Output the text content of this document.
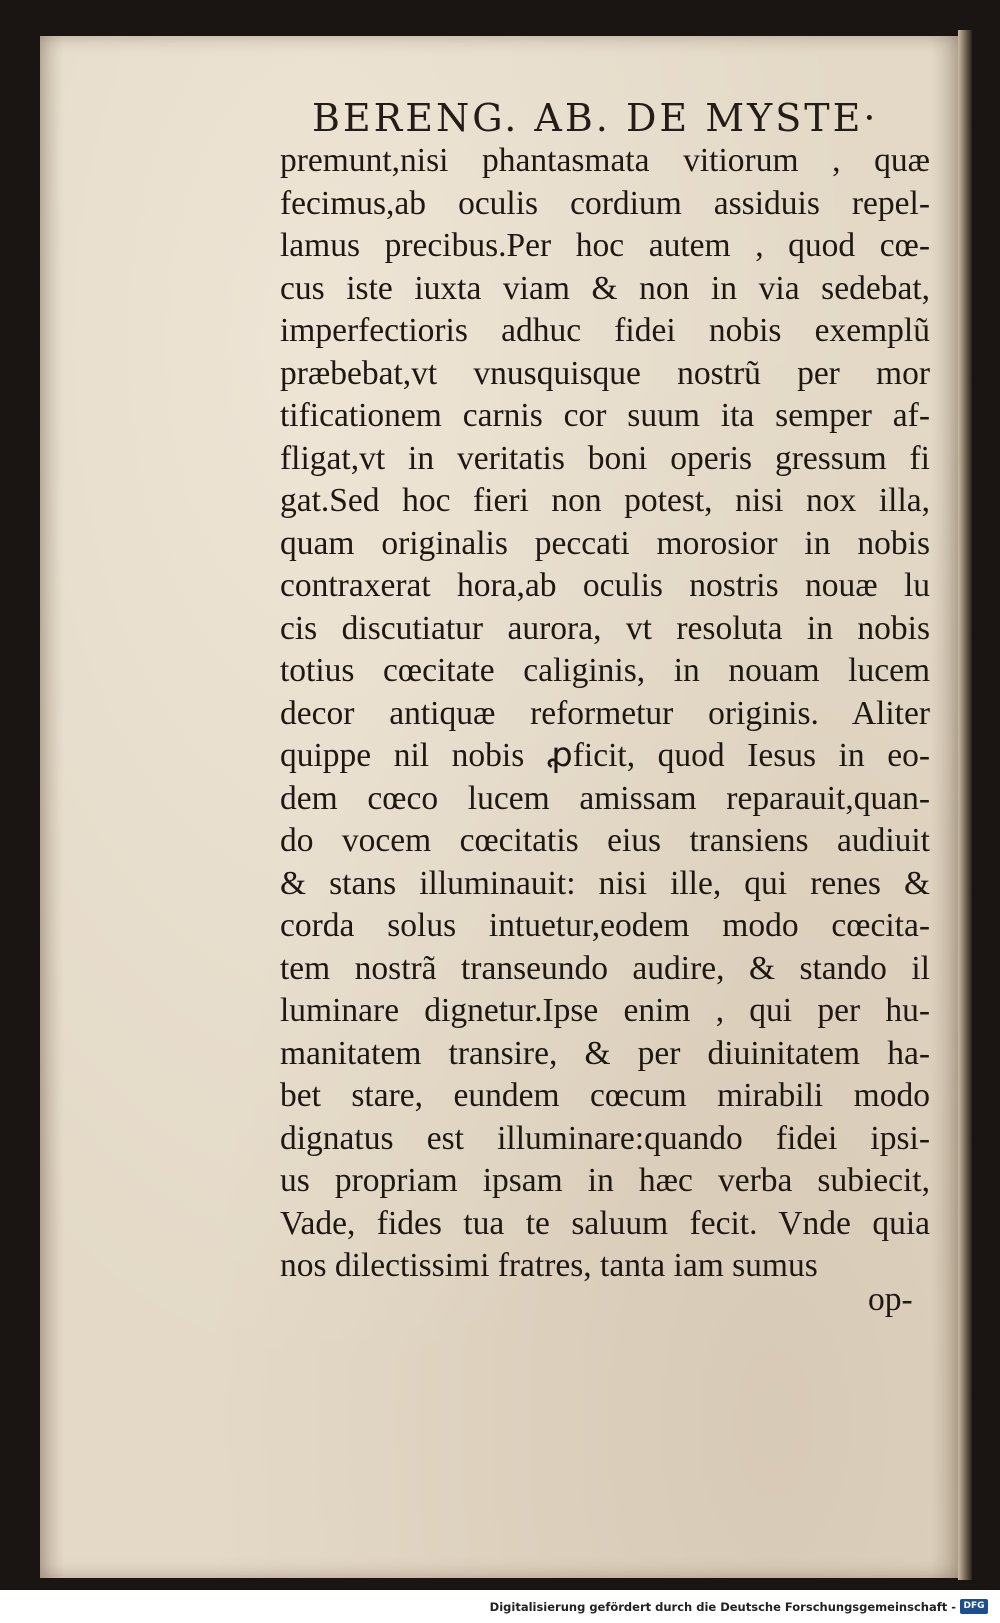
BERENG. AB. DE MYSTE·
premunt,nisi phantasmata vitiorum , quæ
fecimus,ab oculis cordium assiduis repel-
lamus precibus.Per hoc autem , quod cœ-
cus iste iuxta viam & non in via sedebat,
imperfectioris adhuc fidei nobis exemplũ
præbebat,vt vnusquisque nostrũ per mor
tificationem carnis cor suum ita semper af-
fligat,vt in veritatis boni operis gressum fi
gat.Sed hoc fieri non potest, nisi nox illa,
quam originalis peccati morosior in nobis
contraxerat hora,ab oculis nostris nouæ lu
cis discutiatur aurora, vt resoluta in nobis
totius cœcitate caliginis, in nouam lucem
decor antiquæ reformetur originis. Aliter
quippe nil nobis ꝓficit, quod Iesus in eo-
dem cœco lucem amissam reparauit,quan-
do vocem cœcitatis eius transiens audiuit
& stans illuminauit: nisi ille, qui renes &
corda solus intuetur,eodem modo cœcita-
tem nostrã transeundo audire, & stando il
luminare dignetur.Ipse enim , qui per hu-
manitatem transire, & per diuinitatem ha-
bet stare, eundem cœcum mirabili modo
dignatus est illuminare:quando fidei ipsi-
us propriam ipsam in hæc verba subiecit,
Vade, fides tua te saluum fecit. Vnde quia
nos dilectissimi fratres, tanta iam sumus
op-
Digitalisierung gefördert durch die Deutsche Forschungsgemeinschaft - DFG
